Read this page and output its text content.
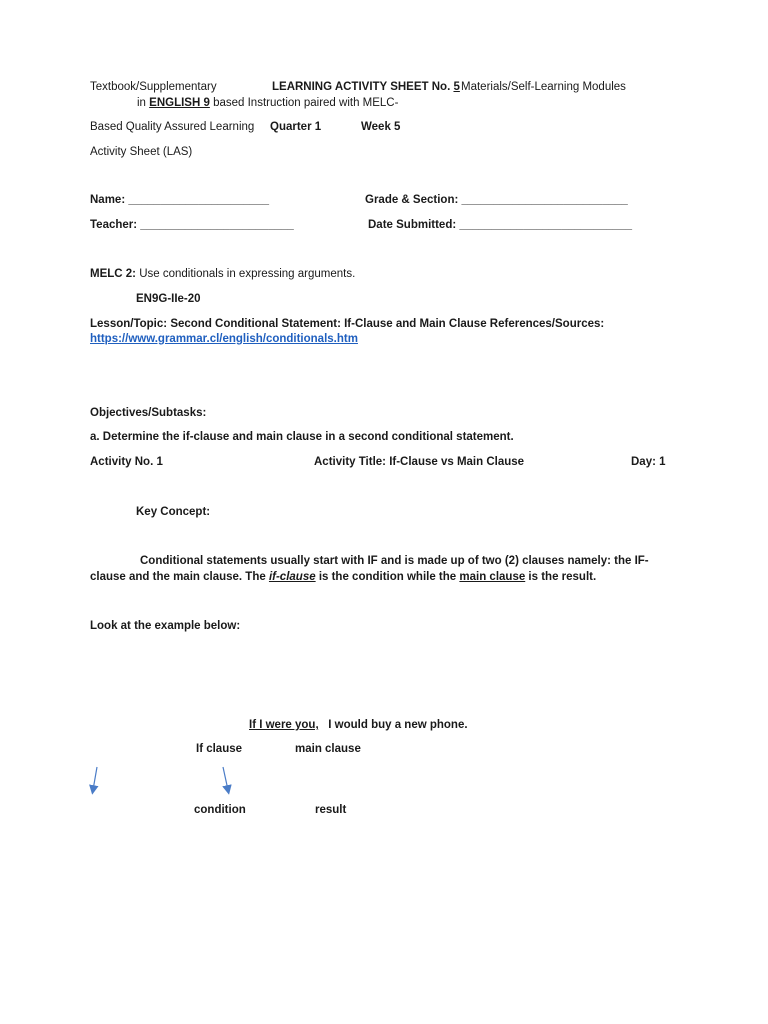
Textbook/Supplementary	LEARNING ACTIVITY SHEET No. 5 Materials/Self-Learning Modules
in ENGLISH 9 based Instruction paired with MELC-
Based Quality Assured Learning Quarter 1	Week 5
Activity Sheet (LAS)
Name: ______________________	Grade & Section: __________________________
Teacher: ________________________	Date Submitted: ___________________________
MELC 2: Use conditionals in expressing arguments.
EN9G-IIe-20
Lesson/Topic: Second Conditional Statement: If-Clause and Main Clause References/Sources:
https://www.grammar.cl/english/conditionals.htm
Objectives/Subtasks:
a. Determine the if-clause and main clause in a second conditional statement.
Activity No. 1	Activity Title: If-Clause vs Main Clause	Day: 1
Key Concept:
Conditional statements usually start with IF and is made up of two (2) clauses namely: the IF-clause and the main clause. The if-clause is the condition while the main clause is the result.
Look at the example below:
If I were you, I would buy a new phone.
If clause	main clause
condition	result
